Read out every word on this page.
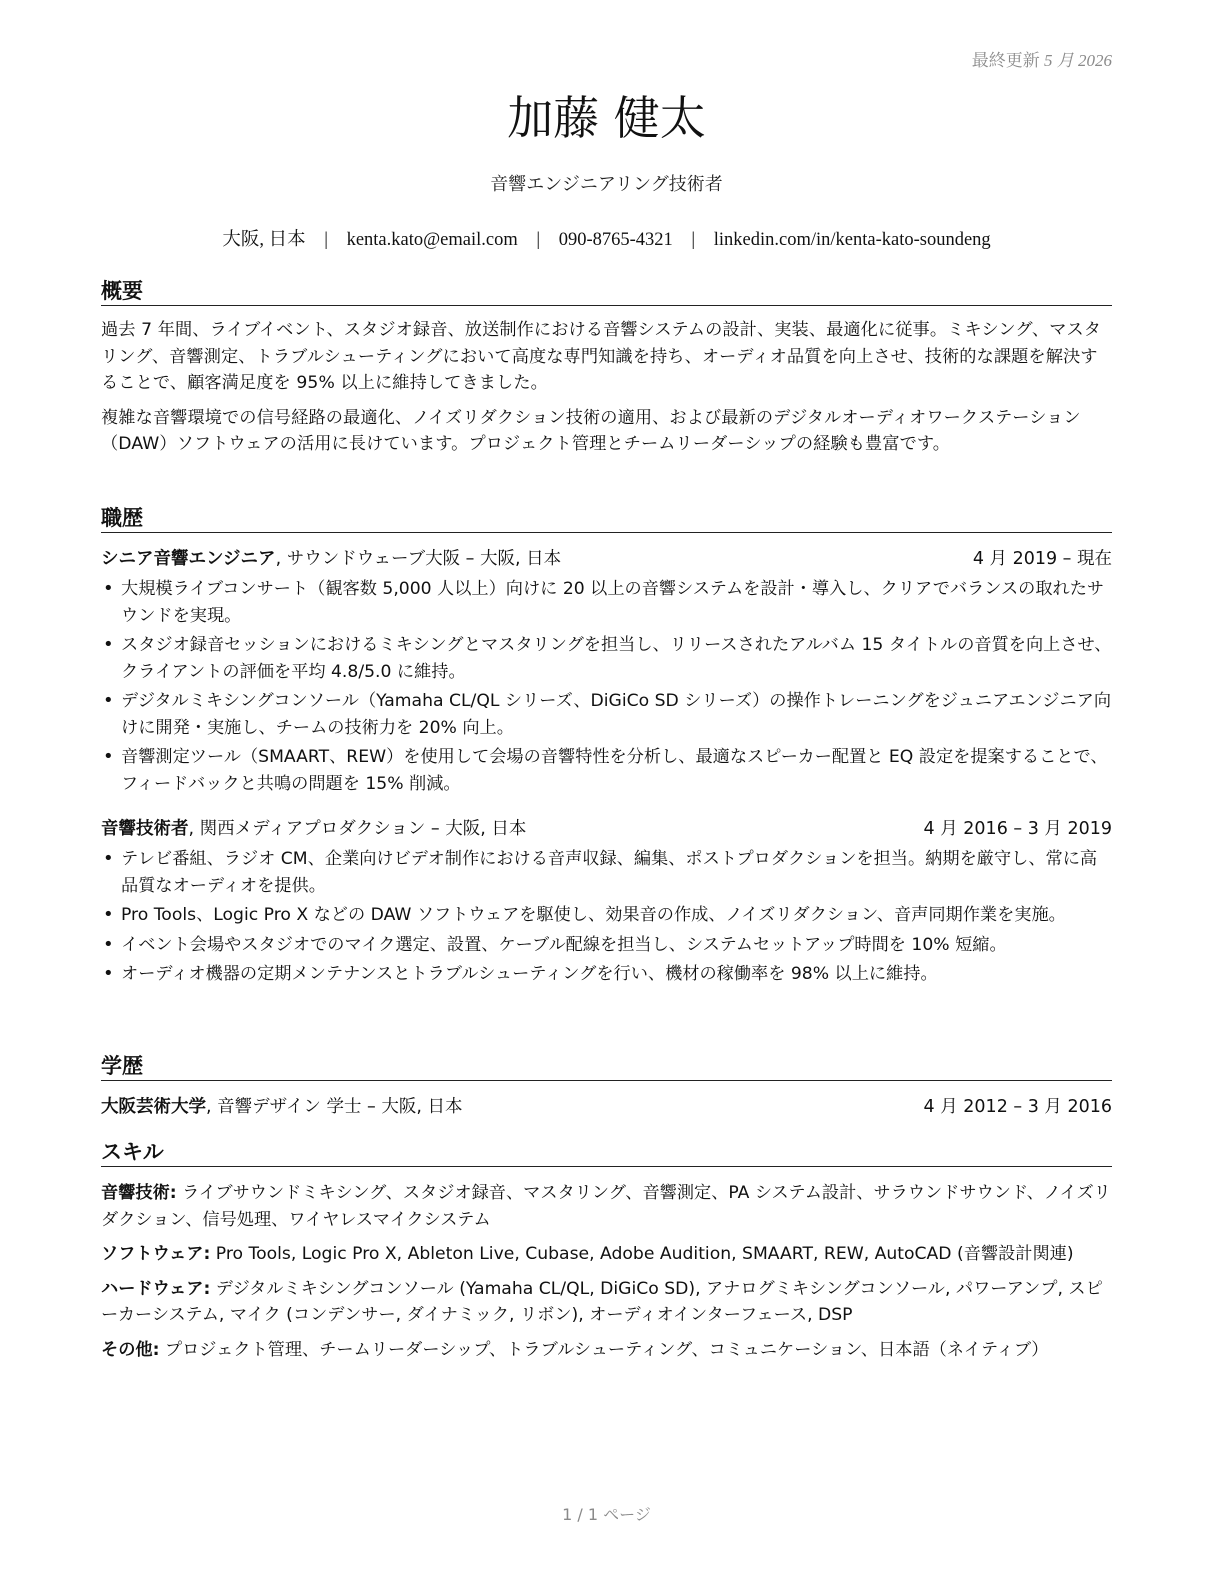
最終更新 5 月 2026
加藤 健太
音響エンジニアリング技術者
大阪, 日本 | kenta.kato@email.com | 090-8765-4321 | linkedin.com/in/kenta-kato-soundeng
概要

過去 7 年間、ライブイベント、スタジオ録音、放送制作における音響システムの設計、実装、最適化に従事。ミキシング、マスタリング、音響測定、トラブルシューティングにおいて高度な専門知識を持ち、オーディオ品質を向上させ、技術的な課題を解決することで、顧客満足度を 95% 以上に維持してきました。

複雑な音響環境での信号経路の最適化、ノイズリダクション技術の適用、および最新のデジタルオーディオワークステーション（DAW）ソフトウェアの活用に長けています。プロジェクト管理とチームリーダーシップの経験も豊富です。

職歴
シニア音響エンジニア, サウンドウェーブ大阪 – 大阪, 日本	4 月 2019 – 現在
• 大規模ライブコンサート（観客数 5,000 人以上）向けに 20 以上の音響システムを設計・導入し、クリアでバランスの取れたサウンドを実現。
• スタジオ録音セッションにおけるミキシングとマスタリングを担当し、リリースされたアルバム 15 タイトルの音質を向上させ、クライアントの評価を平均 4.8/5.0 に維持。
• デジタルミキシングコンソール（Yamaha CL/QL シリーズ、DiGiCo SD シリーズ）の操作トレーニングをジュニアエンジニア向けに開発・実施し、チームの技術力を 20% 向上。
• 音響測定ツール（SMAART、REW）を使用して会場の音響特性を分析し、最適なスピーカー配置と EQ 設定を提案することで、フィードバックと共鳴の問題を 15% 削減。
音響技術者, 関西メディアプロダクション – 大阪, 日本	4 月 2016 – 3 月 2019
• テレビ番組、ラジオ CM、企業向けビデオ制作における音声収録、編集、ポストプロダクションを担当。納期を厳守し、常に高品質なオーディオを提供。
• Pro Tools、Logic Pro X などの DAW ソフトウェアを駆使し、効果音の作成、ノイズリダクション、音声同期作業を実施。
• イベント会場やスタジオでのマイク選定、設置、ケーブル配線を担当し、システムセットアップ時間を 10% 短縮。
• オーディオ機器の定期メンテナンスとトラブルシューティングを行い、機材の稼働率を 98% 以上に維持。
学歴
大阪芸術大学, 音響デザイン 学士 – 大阪, 日本	4 月 2012 – 3 月 2016
スキル

音響技術: ライブサウンドミキシング、スタジオ録音、マスタリング、音響測定、PA システム設計、サラウンドサウンド、ノイズリダクション、信号処理、ワイヤレスマイクシステム

ソフトウェア: Pro Tools, Logic Pro X, Ableton Live, Cubase, Adobe Audition, SMAART, REW, AutoCAD (音響設計関連)

ハードウェア: デジタルミキシングコンソール (Yamaha CL/QL, DiGiCo SD), アナログミキシングコンソール, パワーアンプ, スピーカーシステム, マイク (コンデンサー, ダイナミック, リボン), オーディオインターフェース, DSP

その他: プロジェクト管理、チームリーダーシップ、トラブルシューティング、コミュニケーション、日本語（ネイティブ）

1 / 1 ページ
